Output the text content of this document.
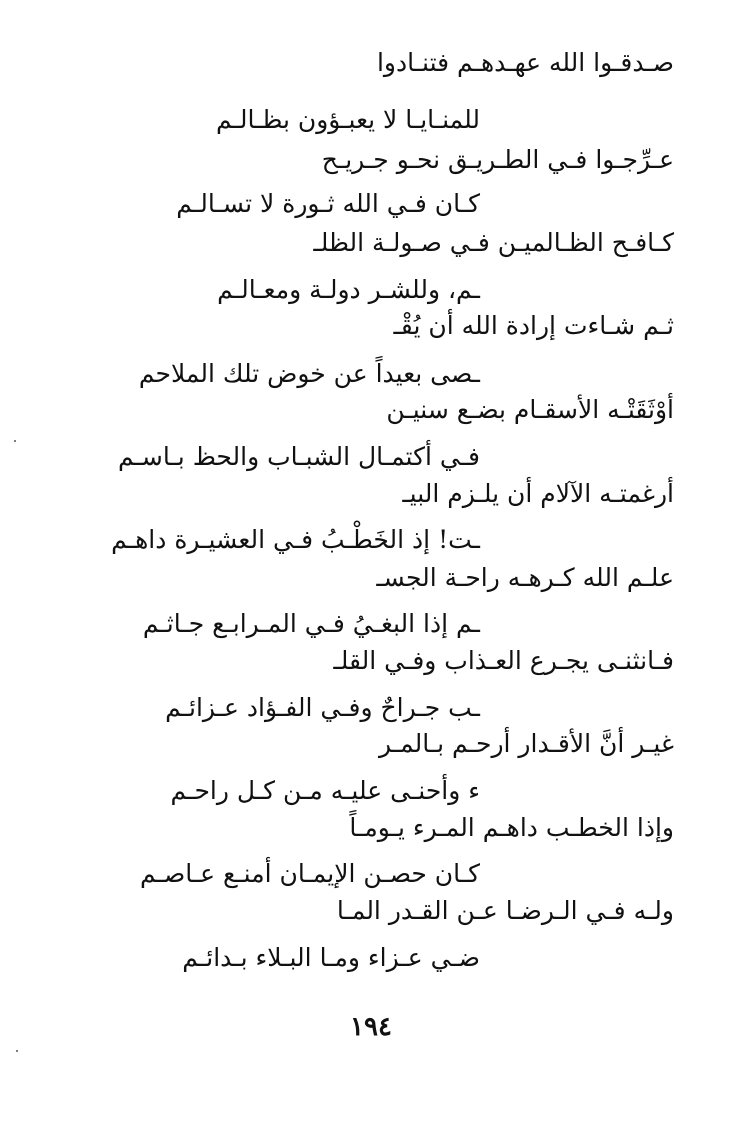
صـدقـوا الله عهـدهـم فتنـادوا
للمنـايـا لا يعبـؤون بظـالـم
عـرِّجـوا فـي الطـريـق نحـو جـريـح
كـان فـي الله ثـورة لا تسـالـم
كـافـح الظـالميـن فـي صـولـة الظلـ
ـم، وللشـر دولـة ومعـالـم
ثـم شـاءت إرادة الله أن يُقْـ
ـصى بعيداً عن خوض تلك الملاحم
أوْثَقَتْـه الأسقـام بضـع سنيـن
فـي أكتمـال الشبـاب والحظ بـاسـم
أرغمتـه الآلام أن يلـزم البيـ
ـت! إذ الخَطْـبُ فـي العشيـرة داهـم
علـم الله كـرهـه راحـة الجسـ
ـم إذا البغـيُ فـي المـرابـع جـاثـم
فـانثنـى يجـرع العـذاب وفـي القلـ
ـب جـراحٌ وفـي الفـؤاد عـزائـم
غيـر أنَّ الأقـدار أرحـم بـالمـر
ء وأحنـى عليـه مـن كـل راحـم
وإذا الخطـب داهـم المـرء يـومـاً
كـان حصـن الإيمـان أمنـع عـاصـم
ولـه فـي الـرضـا عـن القـدر المـا
ضـي عـزاء ومـا البـلاء بـدائـم
١٩٤
